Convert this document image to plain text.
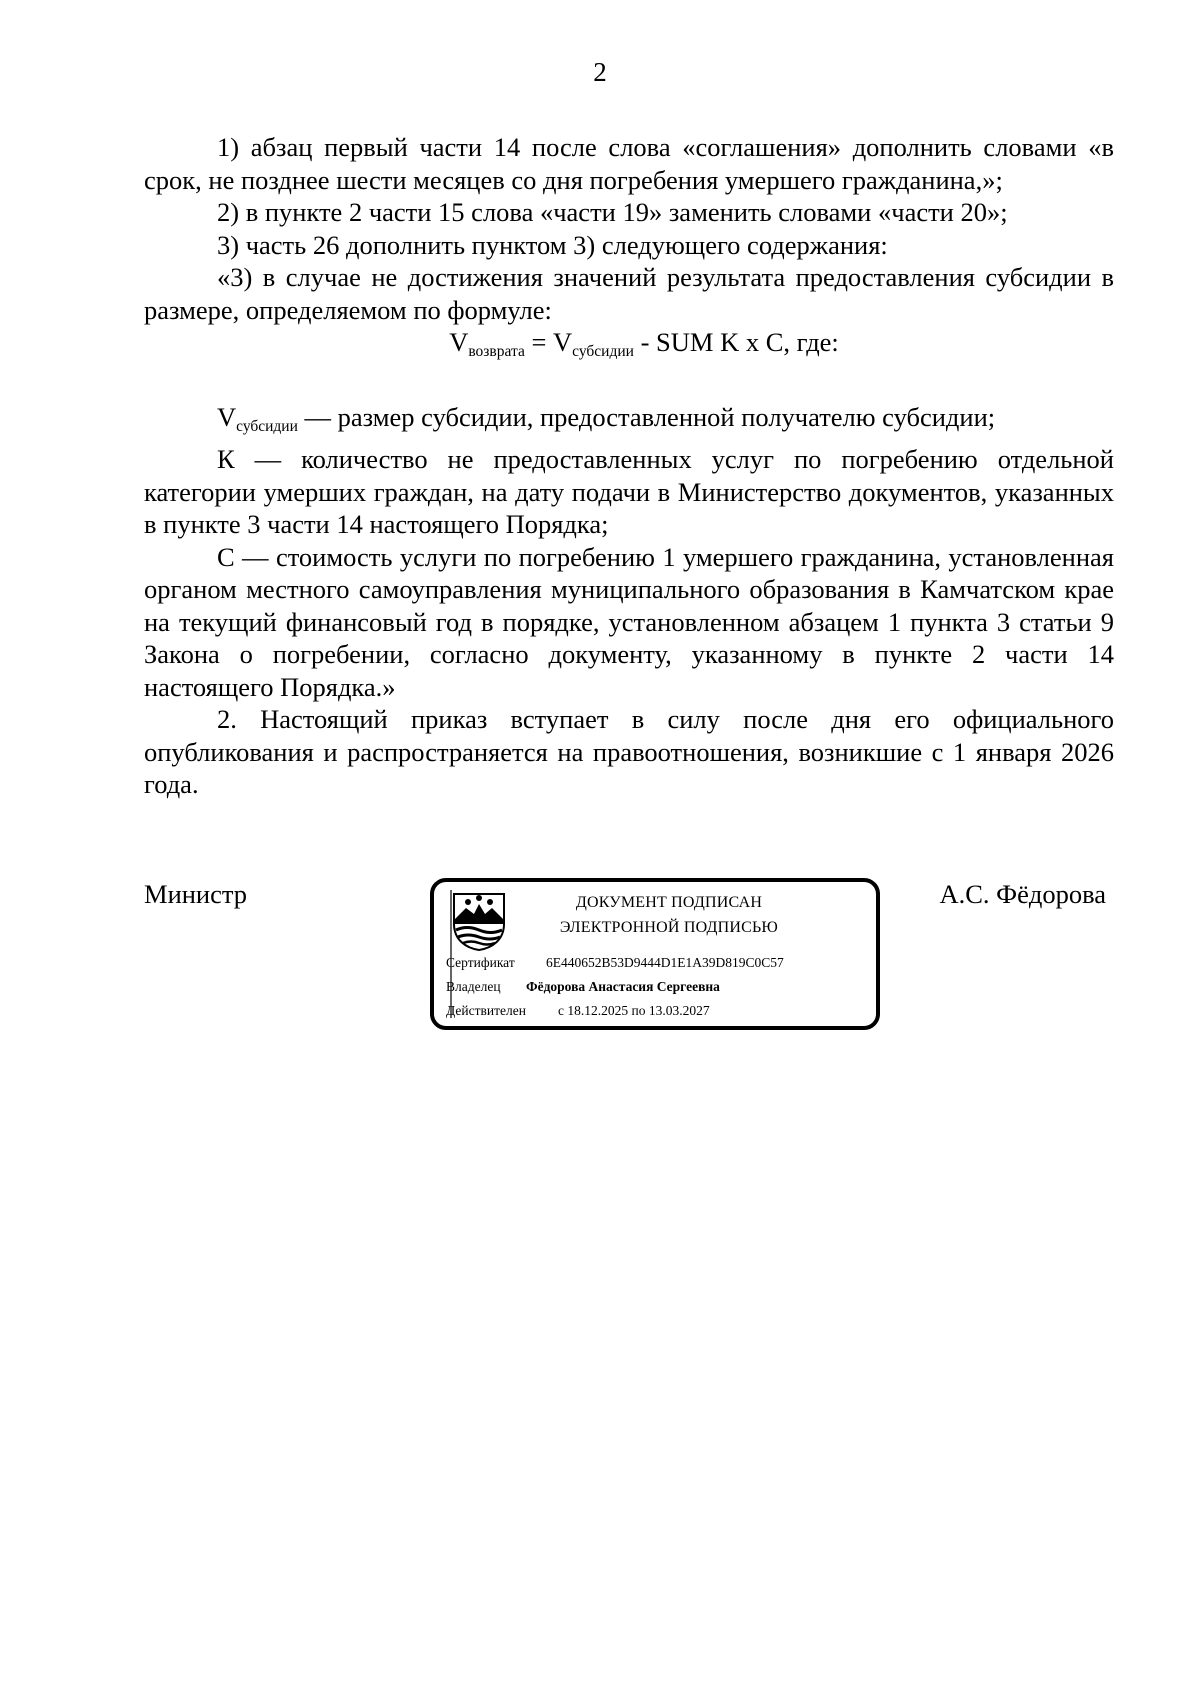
2

1) абзац первый части 14 после слова «соглашения» дополнить словами «в срок, не позднее шести месяцев со дня погребения умершего гражданина,»;

2) в пункте 2 части 15 слова «части 19» заменить словами «части 20»;

3) часть 26 дополнить пунктом 3) следующего содержания:

«3) в случае не достижения значений результата предоставления субсидии в размере, определяемом по формуле:

$V_{возврата} = V_{субсидии}$ - SUM K x C, где:

$V_{субсидии}$ — размер субсидии, предоставленной получателю субсидии;

К — количество не предоставленных услуг по погребению отдельной категории умерших граждан, на дату подачи в Министерство документов, указанных в пункте 3 части 14 настоящего Порядка;

С — стоимость услуги по погребению 1 умершего гражданина, установленная органом местного самоуправления муниципального образования в Камчатском крае на текущий финансовый год в порядке, установленном абзацем 1 пункта 3 статьи 9 Закона о погребении, согласно документу, указанному в пункте 2 части 14 настоящего Порядка.»

2. Настоящий приказ вступает в силу после дня его официального опубликования и распространяется на правоотношения, возникшие с 1 января 2026 года.

Министр	ДОКУМЕНТ ПОДПИСАН
ЭЛЕКТРОННОЙ ПОДПИСЬЮ
Сертификат 6E440652B53D9444D1E1A39D819C0C57
Владелец Фёдорова Анастасия Сергеевна
Действителен с 18.12.2025 по 13.03.2027
А.С. Фёдорова
